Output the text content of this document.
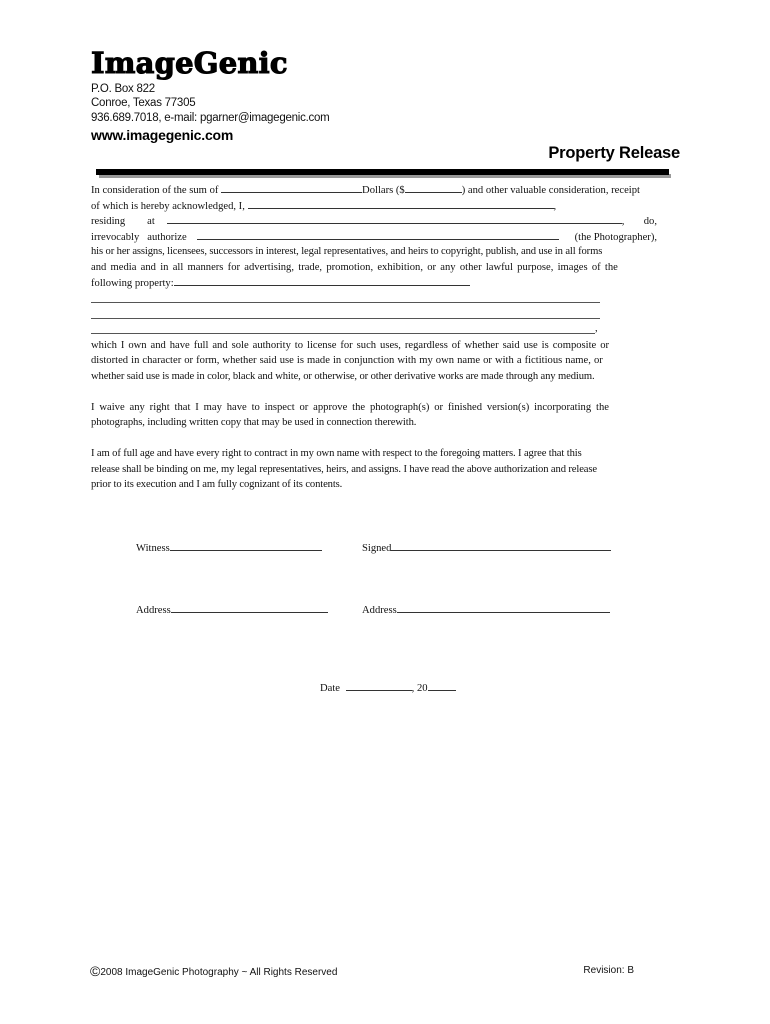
ImageGenic
P.O. Box 822
Conroe, Texas 77305
936.689.7018, e-mail: pgarner@imagegenic.com
www.imagegenic.com
Property Release
In consideration of the sum of	Dollars ($	) and other valuable consideration, receipt
of which is hereby acknowledged, I,	,
residing at	, do,
irrevocably authorize	(the Photographer),
his or her assigns, licensees, successors in interest, legal representatives, and heirs to copyright, publish, and use in all forms
and media and in all manners for advertising, trade, promotion, exhibition, or any other lawful purpose, images of the
following property:
,
which I own and have full and sole authority to license for such uses, regardless of whether said use is composite or
distorted in character or form, whether said use is made in conjunction with my own name or with a fictitious name, or
whether said use is made in color, black and white, or otherwise, or other derivative works are made through any medium.
I waive any right that I may have to inspect or approve the photograph(s) or finished version(s) incorporating the
photographs, including written copy that may be used in connection therewith.
I am of full age and have every right to contract in my own name with respect to the foregoing matters. I agree that this
release shall be binding on me, my legal representatives, heirs, and assigns. I have read the above authorization and release
prior to its execution and I am fully cognizant of its contents.
Witness	Signed
Address	Address
Date	, 20
©2008 ImageGenic Photography ~ All Rights Reserved	Revision: B
